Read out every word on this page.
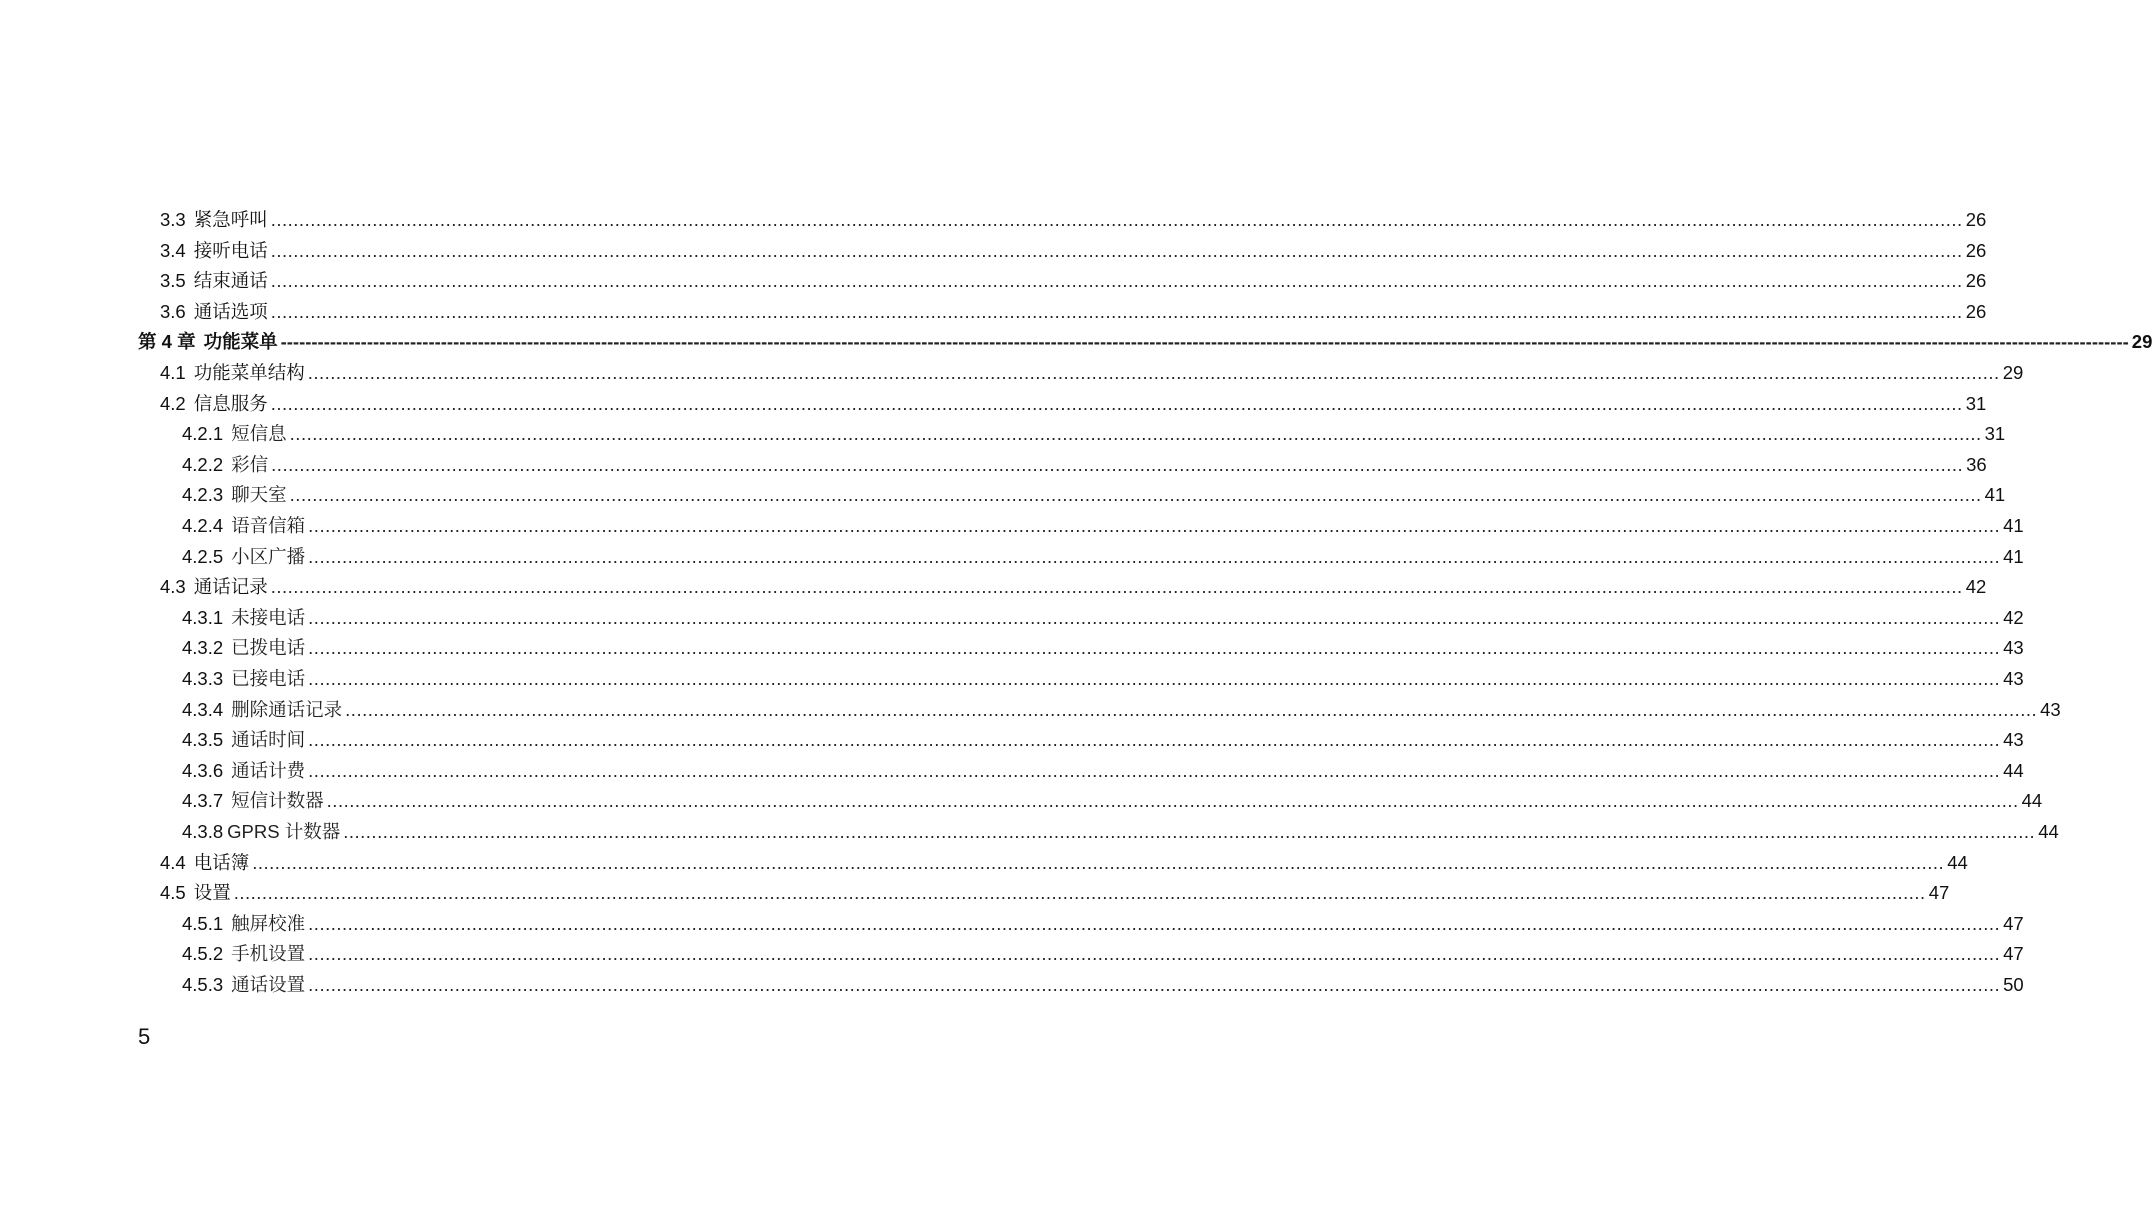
3.3 紧急呼叫 ............................................................................................................................................................................................................................................................................................................ 26
3.4 接听电话 ............................................................................................................................................................................................................................................................................................................ 26
3.5 结束通话 ............................................................................................................................................................................................................................................................................................................ 26
3.6 通话选项 ............................................................................................................................................................................................................................................................................................................ 26
第 4 章 功能菜单 ------------------------------------------------------------------------------------------------------------------------------------------------------------------------------------------------------------------------------------------------------------------------------------------------------------ 29
4.1 功能菜单结构 ............................................................................................................................................................................................................................................................................................................ 29
4.2 信息服务 ............................................................................................................................................................................................................................................................................................................ 31
4.2.1 短信息 ............................................................................................................................................................................................................................................................................................................ 31
4.2.2 彩信 ............................................................................................................................................................................................................................................................................................................ 36
4.2.3 聊天室 ............................................................................................................................................................................................................................................................................................................ 41
4.2.4 语音信箱 ............................................................................................................................................................................................................................................................................................................ 41
4.2.5 小区广播 ............................................................................................................................................................................................................................................................................................................ 41
4.3 通话记录 ............................................................................................................................................................................................................................................................................................................ 42
4.3.1 未接电话 ............................................................................................................................................................................................................................................................................................................ 42
4.3.2 已拨电话 ............................................................................................................................................................................................................................................................................................................ 43
4.3.3 已接电话 ............................................................................................................................................................................................................................................................................................................ 43
4.3.4 删除通话记录 ............................................................................................................................................................................................................................................................................................................ 43
4.3.5 通话时间 ............................................................................................................................................................................................................................................................................................................ 43
4.3.6 通话计费 ............................................................................................................................................................................................................................................................................................................ 44
4.3.7 短信计数器 ............................................................................................................................................................................................................................................................................................................ 44
4.3.8 GPRS 计数器 ............................................................................................................................................................................................................................................................................................................ 44
4.4 电话簿 ............................................................................................................................................................................................................................................................................................................ 44
4.5 设置 ............................................................................................................................................................................................................................................................................................................ 47
4.5.1 触屏校准 ............................................................................................................................................................................................................................................................................................................ 47
4.5.2 手机设置 ............................................................................................................................................................................................................................................................................................................ 47
4.5.3 通话设置 ............................................................................................................................................................................................................................................................................................................ 50
5
